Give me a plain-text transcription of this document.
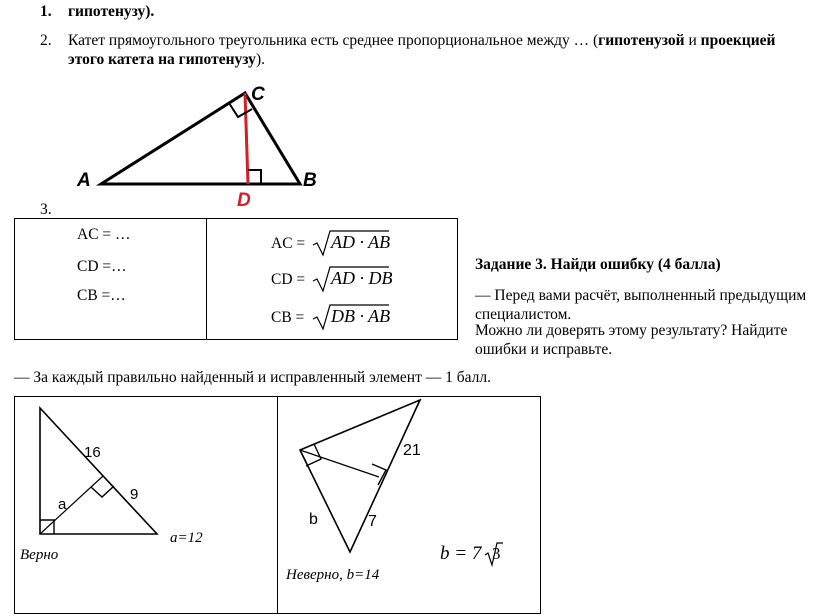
1. гипотенузу).
2. Катет прямоугольного треугольника есть среднее пропорциональное между … (гипотенузой и проекцией этого катета на гипотенузу).
A
C
B
D
3.
AC = …
CD =…
CB =…
AC = AD · AB
CD = AD · DB
CB = DB · AB
Задание 3. Найди ошибку (4 балла)
— Перед вами расчёт, выполненный предыдущим специалистом.
Можно ли доверять этому результату? Найдите ошибки и исправьте.
— За каждый правильно найденный и исправленный элемент — 1 балл.
16
9
a
a=12
Верно
21
7
b
b = 7 3
Неверно, b=14
